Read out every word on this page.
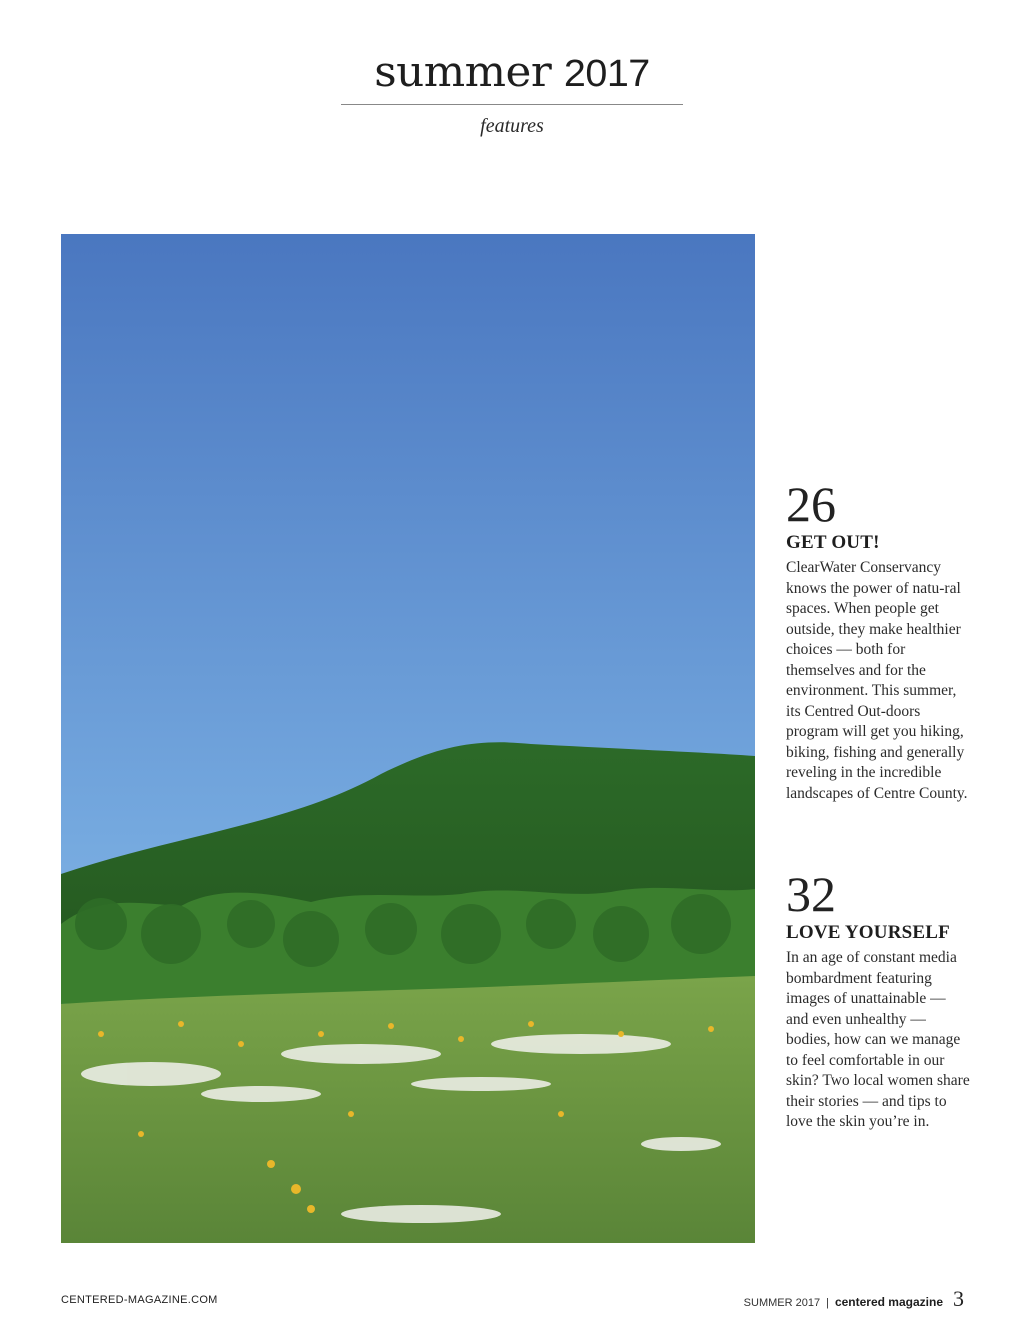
summer 2017
features
26
GET OUT!
ClearWater Conservancy knows the power of natu-ral spaces. When people get outside, they make healthier choices — both for themselves and for the environment. This summer, its Centred Out-doors program will get you hiking, biking, fishing and generally reveling in the incredible landscapes of Centre County.
32
LOVE YOURSELF
In an age of constant media bombardment featuring images of unattainable — and even unhealthy — bodies, how can we manage to feel comfortable in our skin? Two local women share their stories — and tips to love the skin you’re in.
CENTERED-MAGAZINE.COM	SUMMER 2017 | centered magazine 3
